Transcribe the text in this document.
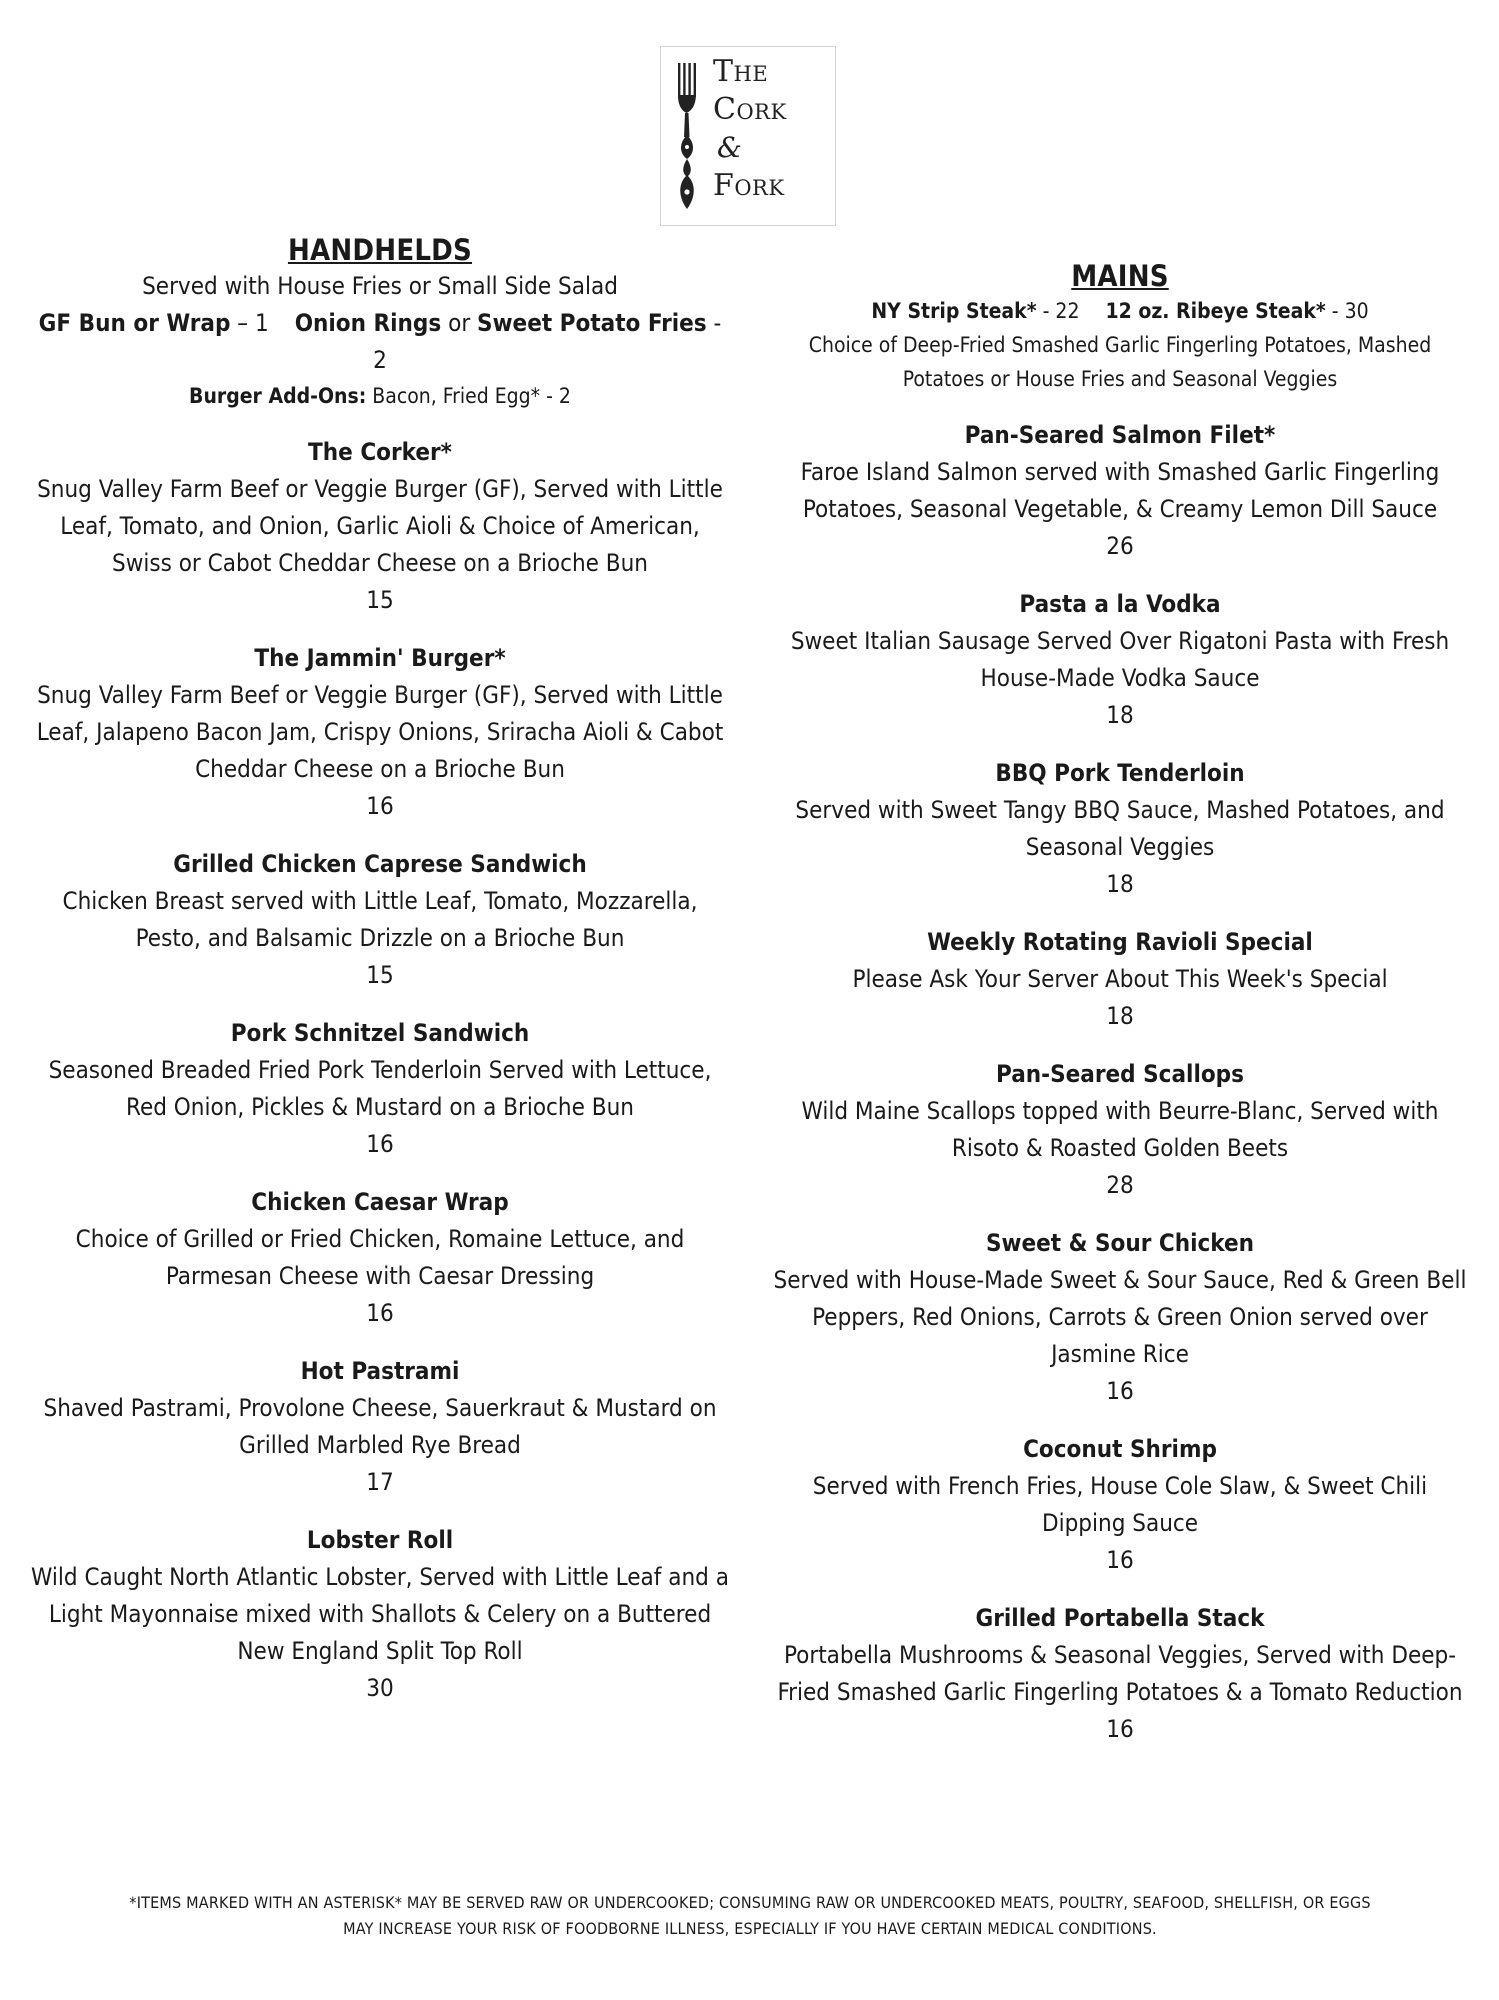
The
Cork
&
Fork
HANDHELDS
Served with House Fries or Small Side Salad
GF Bun or Wrap – 1 Onion Rings or Sweet Potato Fries - 2
Burger Add-Ons: Bacon, Fried Egg* - 2
The Corker*
Snug Valley Farm Beef or Veggie Burger (GF), Served with Little Leaf, Tomato, and Onion, Garlic Aioli & Choice of American, Swiss or Cabot Cheddar Cheese on a Brioche Bun
15
The Jammin' Burger*
Snug Valley Farm Beef or Veggie Burger (GF), Served with Little Leaf, Jalapeno Bacon Jam, Crispy Onions, Sriracha Aioli & Cabot Cheddar Cheese on a Brioche Bun
16
Grilled Chicken Caprese Sandwich
Chicken Breast served with Little Leaf, Tomato, Mozzarella, Pesto, and Balsamic Drizzle on a Brioche Bun
15
Pork Schnitzel Sandwich
Seasoned Breaded Fried Pork Tenderloin Served with Lettuce, Red Onion, Pickles & Mustard on a Brioche Bun
16
Chicken Caesar Wrap
Choice of Grilled or Fried Chicken, Romaine Lettuce, and Parmesan Cheese with Caesar Dressing
16
Hot Pastrami
Shaved Pastrami, Provolone Cheese, Sauerkraut & Mustard on Grilled Marbled Rye Bread
17
Lobster Roll
Wild Caught North Atlantic Lobster, Served with Little Leaf and a Light Mayonnaise mixed with Shallots & Celery on a Buttered New England Split Top Roll
30
MAINS
NY Strip Steak* - 22 12 oz. Ribeye Steak* - 30
Choice of Deep-Fried Smashed Garlic Fingerling Potatoes, Mashed Potatoes or House Fries and Seasonal Veggies
Pan-Seared Salmon Filet*
Faroe Island Salmon served with Smashed Garlic Fingerling Potatoes, Seasonal Vegetable, & Creamy Lemon Dill Sauce
26
Pasta a la Vodka
Sweet Italian Sausage Served Over Rigatoni Pasta with Fresh House-Made Vodka Sauce
18
BBQ Pork Tenderloin
Served with Sweet Tangy BBQ Sauce, Mashed Potatoes, and Seasonal Veggies
18
Weekly Rotating Ravioli Special
Please Ask Your Server About This Week's Special
18
Pan-Seared Scallops
Wild Maine Scallops topped with Beurre-Blanc, Served with Risoto & Roasted Golden Beets
28
Sweet & Sour Chicken
Served with House-Made Sweet & Sour Sauce, Red & Green Bell Peppers, Red Onions, Carrots & Green Onion served over Jasmine Rice
16
Coconut Shrimp
Served with French Fries, House Cole Slaw, & Sweet Chili Dipping Sauce
16
Grilled Portabella Stack
Portabella Mushrooms & Seasonal Veggies, Served with Deep-Fried Smashed Garlic Fingerling Potatoes & a Tomato Reduction
16
*ITEMS MARKED WITH AN ASTERISK* MAY BE SERVED RAW OR UNDERCOOKED; CONSUMING RAW OR UNDERCOOKED MEATS, POULTRY, SEAFOOD, SHELLFISH, OR EGGS
MAY INCREASE YOUR RISK OF FOODBORNE ILLNESS, ESPECIALLY IF YOU HAVE CERTAIN MEDICAL CONDITIONS.
